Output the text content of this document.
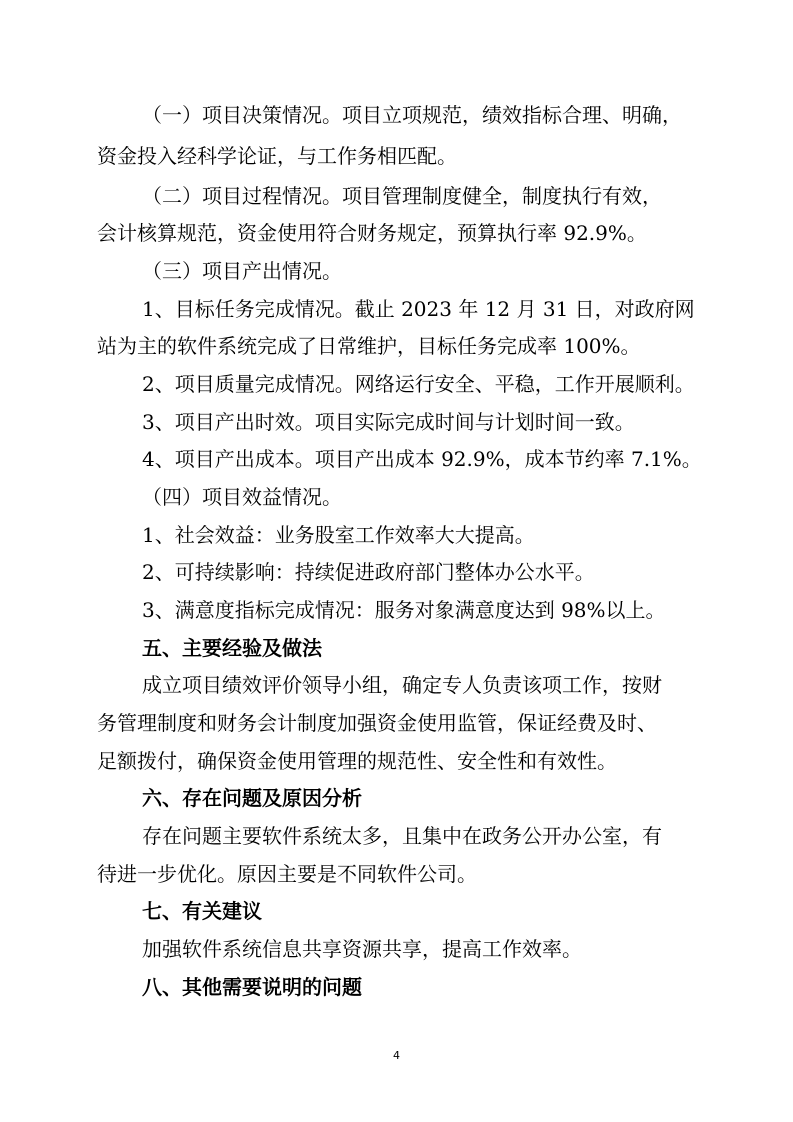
（一）项目决策情况。项目立项规范，绩效指标合理、明确，

资金投入经科学论证，与工作务相匹配。

（二）项目过程情况。项目管理制度健全，制度执行有效，

会计核算规范，资金使用符合财务规定，预算执行率 92.9%。

（三）项目产出情况。

1、目标任务完成情况。截止 2023 年 12 月 31 日，对政府网

站为主的软件系统完成了日常维护，目标任务完成率 100%。

2、项目质量完成情况。网络运行安全、平稳，工作开展顺利。

3、项目产出时效。项目实际完成时间与计划时间一致。

4、项目产出成本。项目产出成本 92.9%，成本节约率 7.1%。

（四）项目效益情况。

1、社会效益：业务股室工作效率大大提高。

2、可持续影响：持续促进政府部门整体办公水平。

3、满意度指标完成情况：服务对象满意度达到 98%以上。

五、主要经验及做法

成立项目绩效评价领导小组，确定专人负责该项工作，按财

务管理制度和财务会计制度加强资金使用监管，保证经费及时、

足额拨付，确保资金使用管理的规范性、安全性和有效性。

六、存在问题及原因分析

存在问题主要软件系统太多，且集中在政务公开办公室，有

待进一步优化。原因主要是不同软件公司。

七、有关建议

加强软件系统信息共享资源共享，提高工作效率。

八、其他需要说明的问题

4
